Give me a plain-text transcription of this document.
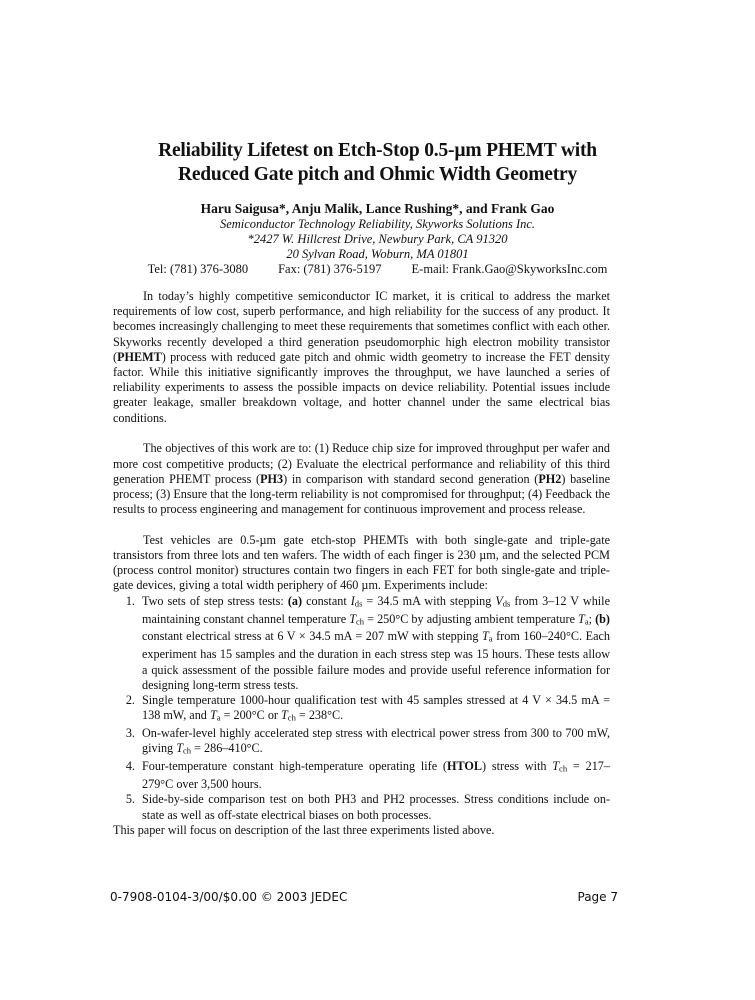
Reliability Lifetest on Etch-Stop 0.5-µm PHEMT with
Reduced Gate pitch and Ohmic Width Geometry
Haru Saigusa*, Anju Malik, Lance Rushing*, and Frank Gao
Semiconductor Technology Reliability, Skyworks Solutions Inc.
*2427 W. Hillcrest Drive, Newbury Park, CA 91320
20 Sylvan Road, Woburn, MA 01801
Tel: (781) 376-3080 Fax: (781) 376-5197 E-mail: Frank.Gao@SkyworksInc.com

In today’s highly competitive semiconductor IC market, it is critical to address the market requirements of low cost, superb performance, and high reliability for the success of any product. It becomes increasingly challenging to meet these requirements that sometimes conflict with each other. Skyworks recently developed a third generation pseudomorphic high electron mobility transistor (PHEMT) process with reduced gate pitch and ohmic width geometry to increase the FET density factor. While this initiative significantly improves the throughput, we have launched a series of reliability experiments to assess the possible impacts on device reliability. Potential issues include greater leakage, smaller breakdown voltage, and hotter channel under the same electrical bias conditions.

The objectives of this work are to: (1) Reduce chip size for improved throughput per wafer and more cost competitive products; (2) Evaluate the electrical performance and reliability of this third generation PHEMT process (PH3) in comparison with standard second generation (PH2) baseline process; (3) Ensure that the long-term reliability is not compromised for throughput; (4) Feedback the results to process engineering and management for continuous improvement and process release.

Test vehicles are 0.5-µm gate etch-stop PHEMTs with both single-gate and triple-gate transistors from three lots and ten wafers. The width of each finger is 230 µm, and the selected PCM (process control monitor) structures contain two fingers in each FET for both single-gate and triple-gate devices, giving a total width periphery of 460 µm. Experiments include:

1. Two sets of step stress tests: (a) constant $I_{ds} = 34.5$ mA with stepping $V_{ds}$ from 3–12 V while maintaining constant channel temperature $T_{ch} = 250^\circ C$ by adjusting ambient temperature $T_a$; (b) constant electrical stress at 6 V × 34.5 mA = 207 mW with stepping $T_a$ from 160–240°C. Each experiment has 15 samples and the duration in each stress step was 15 hours. These tests allow a quick assessment of the possible failure modes and provide useful reference information for designing long-term stress tests.
2. Single temperature 1000-hour qualification test with 45 samples stressed at 4 V × 34.5 mA = 138 mW, and $T_a = 200^\circ C$ or $T_{ch} = 238^\circ C$.
3. On-wafer-level highly accelerated step stress with electrical power stress from 300 to 700 mW, giving $T_{ch} = 286-410^\circ C$.
4. Four-temperature constant high-temperature operating life (HTOL) stress with $T_{ch} = 217-279^\circ C$ over 3,500 hours.
5. Side-by-side comparison test on both PH3 and PH2 processes. Stress conditions include on-state as well as off-state electrical biases on both processes.

This paper will focus on description of the last three experiments listed above.

0-7908-0104-3/00/$0.00 © 2003 JEDEC	Page 7
